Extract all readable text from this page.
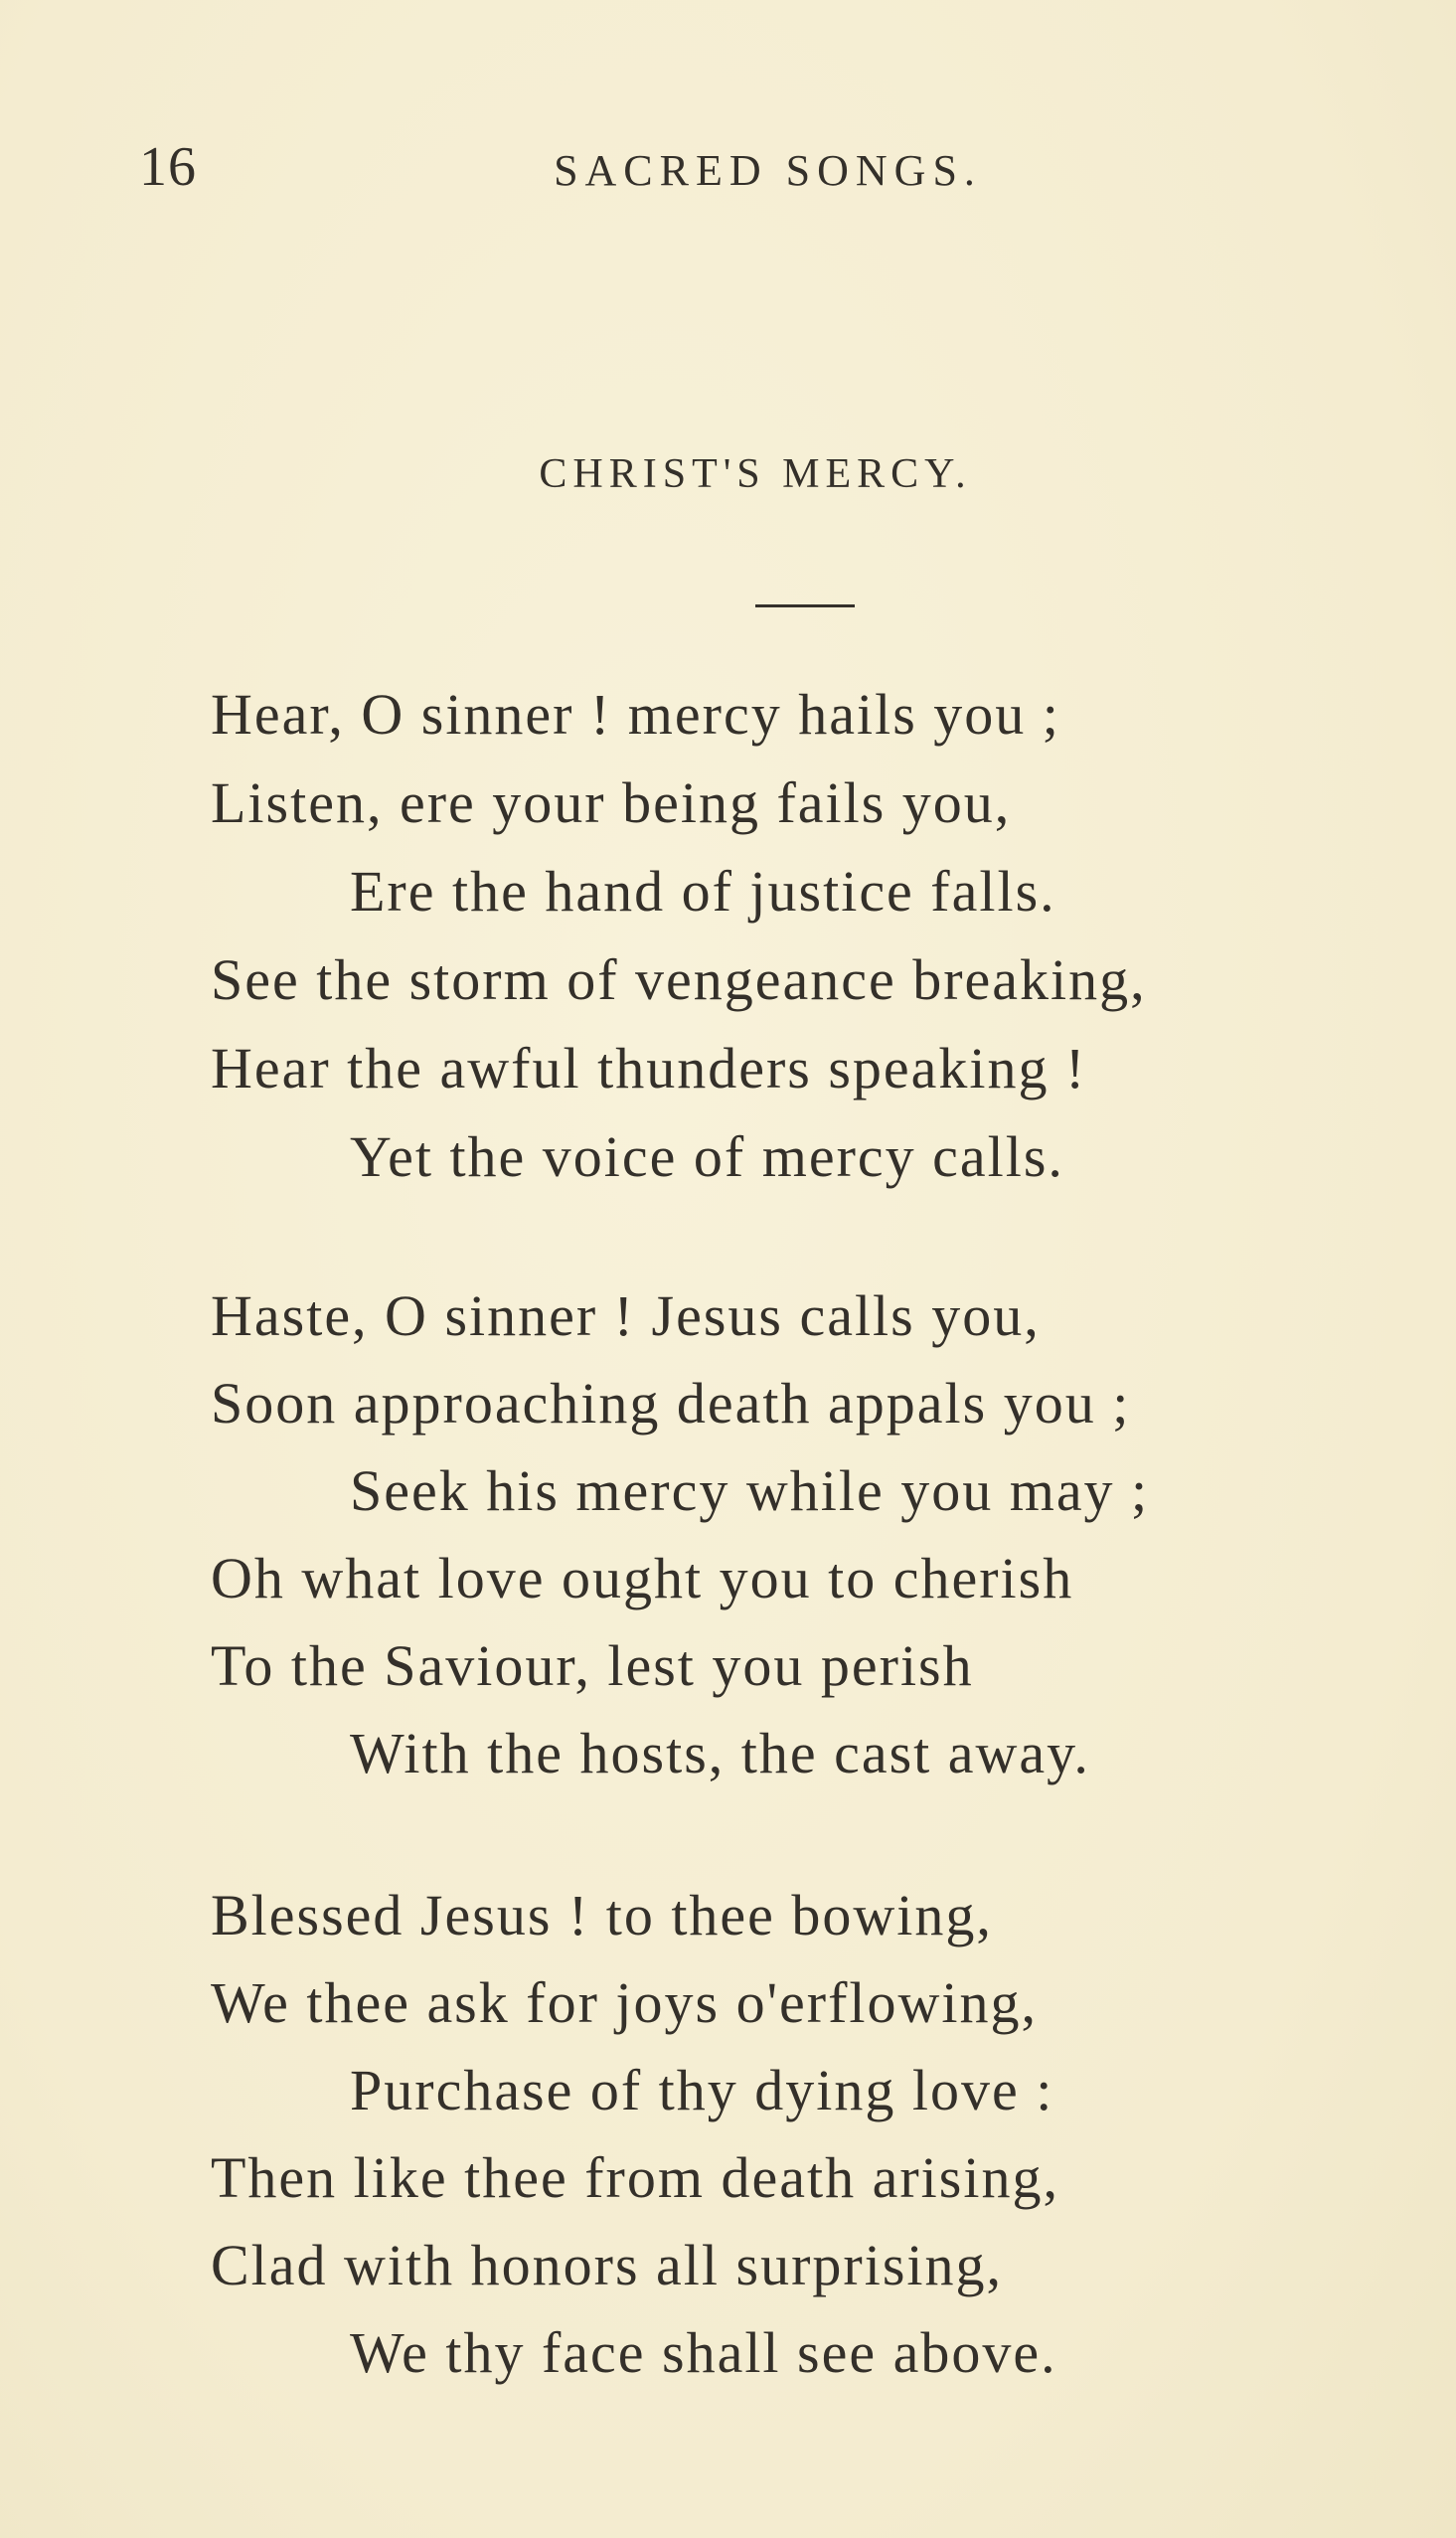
16	SACRED SONGS.
CHRIST'S MERCY.
Hear, O sinner ! mercy hails you ;
Listen, ere your being fails you,
Ere the hand of justice falls.
See the storm of vengeance breaking,
Hear the awful thunders speaking !
Yet the voice of mercy calls.
Haste, O sinner ! Jesus calls you,
Soon approaching death appals you ;
Seek his mercy while you may ;
Oh what love ought you to cherish
To the Saviour, lest you perish
With the hosts, the cast away.
Blessed Jesus ! to thee bowing,
We thee ask for joys o'erflowing,
Purchase of thy dying love :
Then like thee from death arising,
Clad with honors all surprising,
We thy face shall see above.
